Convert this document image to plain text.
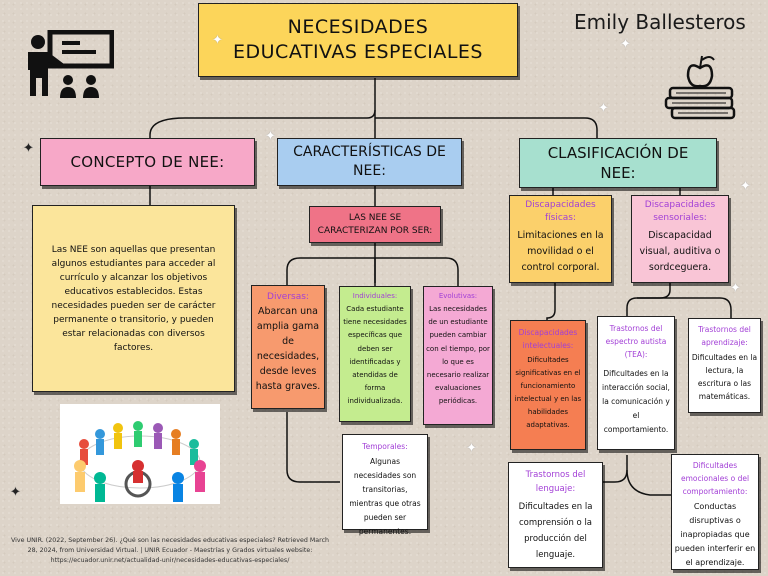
NECESIDADES EDUCATIVAS ESPECIALES
Emily Ballesteros
CONCEPTO DE NEE:
Las NEE son aquellas que presentan algunos estudiantes para acceder al currículo y alcanzar los objetivos educativos establecidos. Estas necesidades pueden ser de carácter permanente o transitorio, y pueden estar relacionadas con diversos factores.
CARACTERÍSTICAS DE NEE:
LAS NEE SE CARACTERIZAN POR SER:
Diversas:
Abarcan una amplia gama de necesidades, desde leves hasta graves.
Individuales:
Cada estudiante tiene necesidades específicas que deben ser identificadas y atendidas de forma individualizada.
Evolutivas:
Las necesidades de un estudiante pueden cambiar con el tiempo, por lo que es necesario realizar evaluaciones periódicas.
Temporales:
Algunas necesidades son transitorias, mientras que otras pueden ser permanentes.
CLASIFICACIÓN DE NEE:
Discapacidades físicas:
Limitaciones en la movilidad o el control corporal.
Discapacidades sensoriales:
Discapacidad visual, auditiva o sordceguera.
Discapacidades intelectuales:
Dificultades significativas en el funcionamiento intelectual y en las habilidades adaptativas.
Trastornos del espectro autista (TEA):
Dificultades en la interacción social, la comunicación y el comportamiento.
Trastornos del aprendizaje:
Dificultades en la lectura, la escritura o las matemáticas.
Trastornos del lenguaje:
Dificultades en la comprensión o la producción del lenguaje.
Dificultades emocionales o del comportamiento:
Conductas disruptivas o inapropiadas que pueden interferir en el aprendizaje.
Vive UNIR. (2022, September 26). ¿Qué son las necesidades educativas especiales? Retrieved March 28, 2024, from Universidad Virtual. | UNIR Ecuador - Maestrías y Grados virtuales website: https://ecuador.unir.net/actualidad-unir/necesidades-educativas-especiales/
✦	✦
✦
✦
✦
✦
✦
✦
✦
